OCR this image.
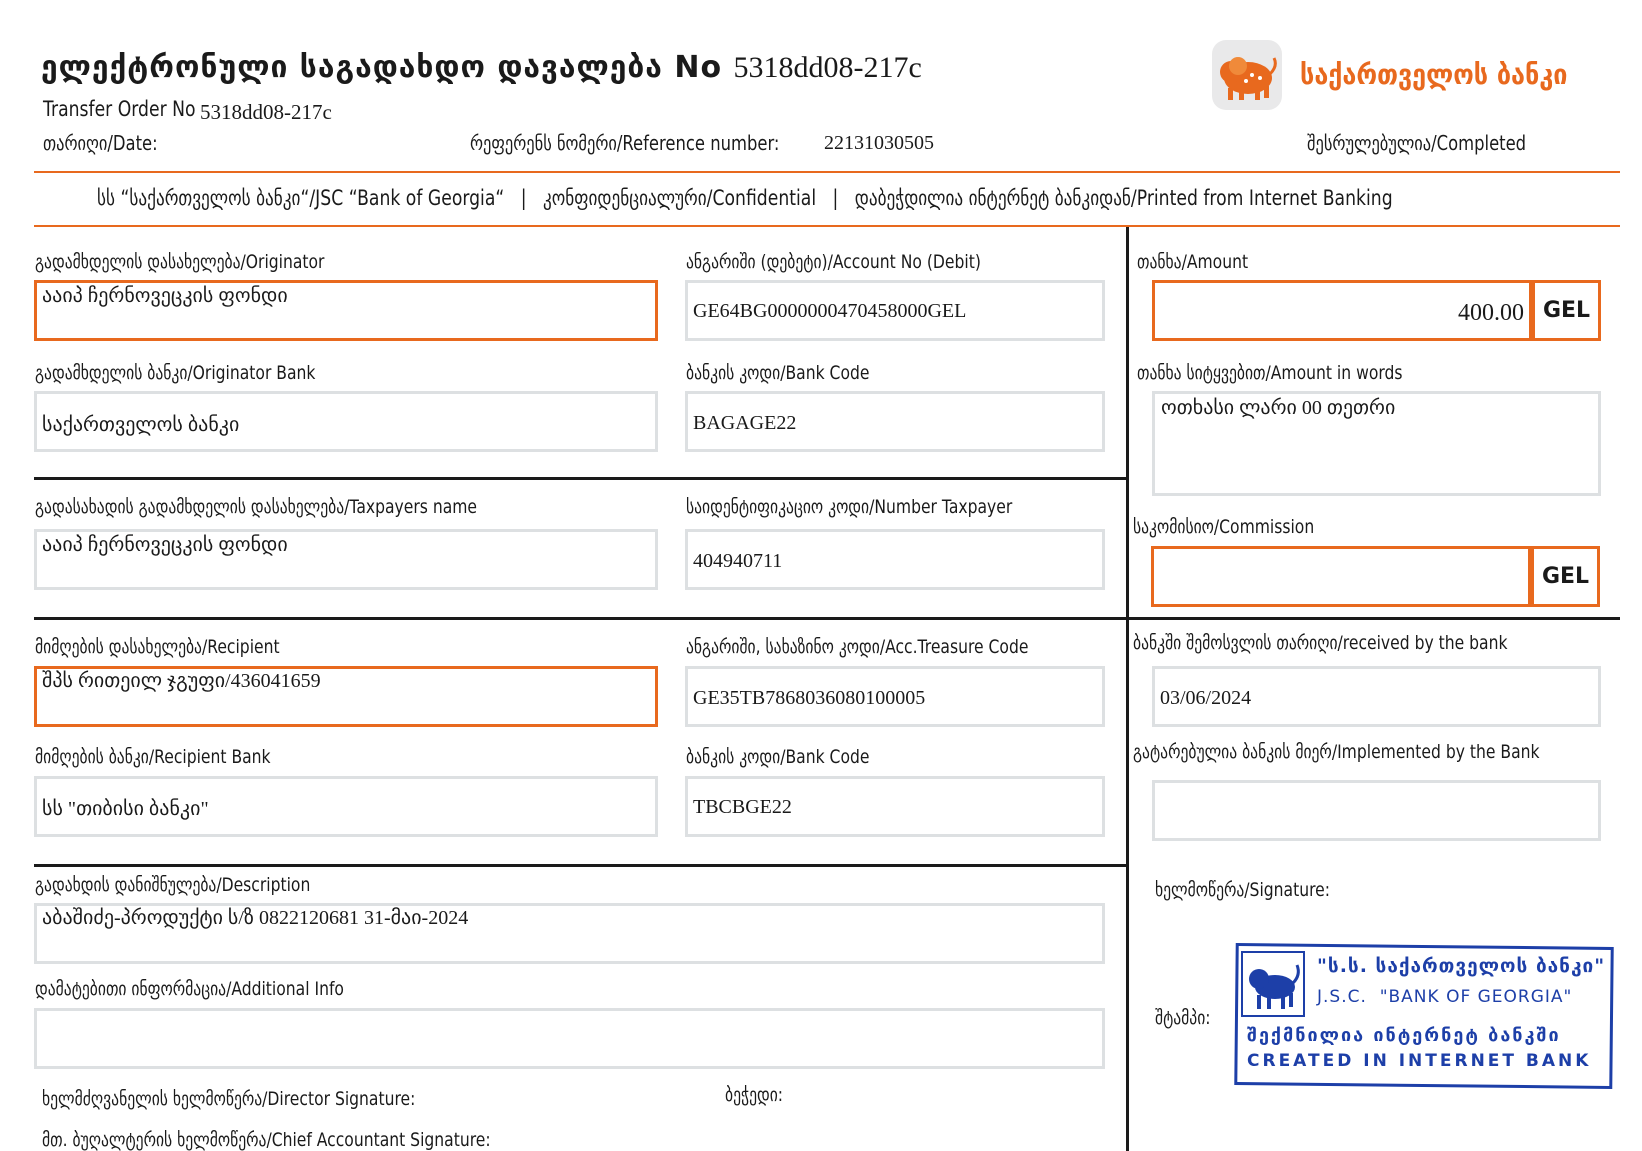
ელექტრონული საგადახდო დავალება No 5318dd08-217c
Transfer Order No 5318dd08-217c
თარიღი/Date:	რეფერენს ნომერი/Reference number: 22131030505	შესრულებულია/Completed
საქართველოს ბანკი
სს “საქართველოს ბანკი“/JSC “Bank of Georgia“   |   კონფიდენციალური/Confidential   |   დაბეჭდილია ინტერნეტ ბანკიდან/Printed from Internet Banking
გადამხდელის დასახელება/Originator
ააიპ ჩერნოვეცკის ფონდი
ანგარიში (დებეტი)/Account No (Debit)
GE64BG0000000470458000GEL
გადამხდელის ბანკი/Originator Bank
საქართველოს ბანკი
ბანკის კოდი/Bank Code
BAGAGE22
გადასახადის გადამხდელის დასახელება/Taxpayers name
ააიპ ჩერნოვეცკის ფონდი
საიდენტიფიკაციო კოდი/Number Taxpayer
404940711
მიმღების დასახელება/Recipient
შპს რითეილ ჯგუფი/436041659
ანგარიში, სახაზინო კოდი/Acc.Treasure Code
GE35TB7868036080100005
მიმღების ბანკი/Recipient Bank
სს "თიბისი ბანკი"
ბანკის კოდი/Bank Code
TBCBGE22
გადახდის დანიშნულება/Description
აბაშიძე-პროდუქტი ს/ზ 0822120681 31-მაი-2024
დამატებითი ინფორმაცია/Additional Info
ხელმძღვანელის ხელმოწერა/Director Signature:	ბეჭედი:
მთ. ბუღალტერის ხელმოწერა/Chief Accountant Signature:
თანხა/Amount
400.00 GEL
თანხა სიტყვებით/Amount in words
ოთხასი ლარი 00 თეთრი
საკომისიო/Commission
GEL
ბანკში შემოსვლის თარიღი/received by the bank
03/06/2024
გატარებულია ბანკის მიერ/Implemented by the Bank
ხელმოწერა/Signature:
შტამპი:
"ს.ს. საქართველოს ბანკი"
J.S.C.  "BANK OF GEORGIA"
შექმნილია ინტერნეტ ბანკში
CREATED IN INTERNET BANK
